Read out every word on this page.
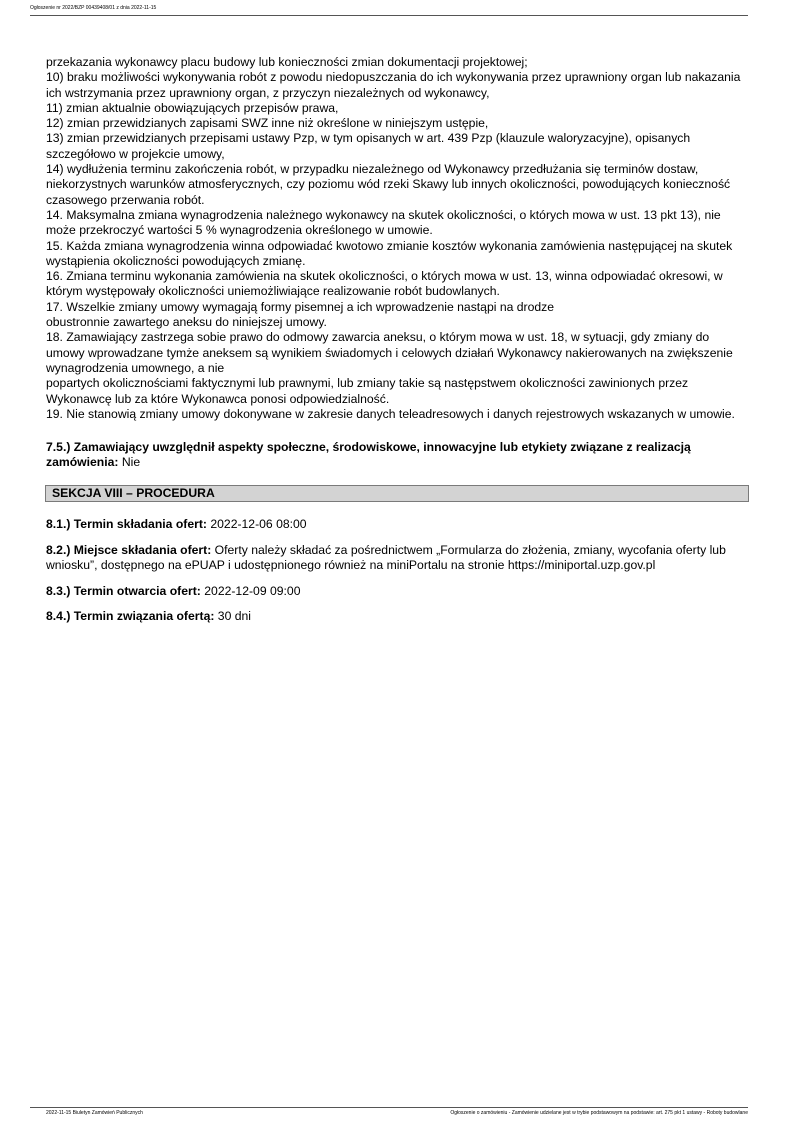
Ogłoszenie nr 2022/BZP 00439408/01 z dnia 2022-11-15

przekazania wykonawcy placu budowy lub konieczności zmian dokumentacji projektowej;

10) braku możliwości wykonywania robót z powodu niedopuszczania do ich wykonywania przez uprawniony organ lub nakazania ich wstrzymania przez uprawniony organ, z przyczyn niezależnych od wykonawcy,

11) zmian aktualnie obowiązujących przepisów prawa,

12) zmian przewidzianych zapisami SWZ inne niż określone w niniejszym ustępie,

13) zmian przewidzianych przepisami ustawy Pzp, w tym opisanych w art. 439 Pzp (klauzule waloryzacyjne), opisanych szczegółowo w projekcie umowy,

14) wydłużenia terminu zakończenia robót, w przypadku niezależnego od Wykonawcy przedłużania się terminów dostaw, niekorzystnych warunków atmosferycznych, czy poziomu wód rzeki Skawy lub innych okoliczności, powodujących konieczność czasowego przerwania robót.

14. Maksymalna zmiana wynagrodzenia należnego wykonawcy na skutek okoliczności, o których mowa w ust. 13 pkt 13), nie może przekroczyć wartości 5 % wynagrodzenia określonego w umowie.

15. Każda zmiana wynagrodzenia winna odpowiadać kwotowo zmianie kosztów wykonania zamówienia następującej na skutek wystąpienia okoliczności powodujących zmianę.

16. Zmiana terminu wykonania zamówienia na skutek okoliczności, o których mowa w ust. 13, winna odpowiadać okresowi, w którym występowały okoliczności uniemożliwiające realizowanie robót budowlanych.

17. Wszelkie zmiany umowy wymagają formy pisemnej a ich wprowadzenie nastąpi na drodze

obustronnie zawartego aneksu do niniejszej umowy.

18. Zamawiający zastrzega sobie prawo do odmowy zawarcia aneksu, o którym mowa w ust. 18, w sytuacji, gdy zmiany do umowy wprowadzane tymże aneksem są wynikiem świadomych i celowych działań Wykonawcy nakierowanych na zwiększenie wynagrodzenia umownego, a nie

popartych okolicznościami faktycznymi lub prawnymi, lub zmiany takie są następstwem okoliczności zawinionych przez Wykonawcę lub za które Wykonawca ponosi odpowiedzialność.

19. Nie stanowią zmiany umowy dokonywane w zakresie danych teleadresowych i danych rejestrowych wskazanych w umowie.

7.5.) Zamawiający uwzględnił aspekty społeczne, środowiskowe, innowacyjne lub etykiety związane z realizacją zamówienia: Nie

SEKCJA VIII – PROCEDURA

8.1.) Termin składania ofert: 2022-12-06 08:00

8.2.) Miejsce składania ofert: Oferty należy składać za pośrednictwem „Formularza do złożenia, zmiany, wycofania oferty lub wniosku”, dostępnego na ePUAP i udostępnionego również na miniPortalu na stronie https://miniportal.uzp.gov.pl

8.3.) Termin otwarcia ofert: 2022-12-09 09:00

8.4.) Termin związania ofertą: 30 dni

2022-11-15 Biuletyn Zamówień Publicznych	Ogłoszenie o zamówieniu - Zamówienie udzielane jest w trybie podstawowym na podstawie: art. 275 pkt 1 ustawy - Roboty budowlane
